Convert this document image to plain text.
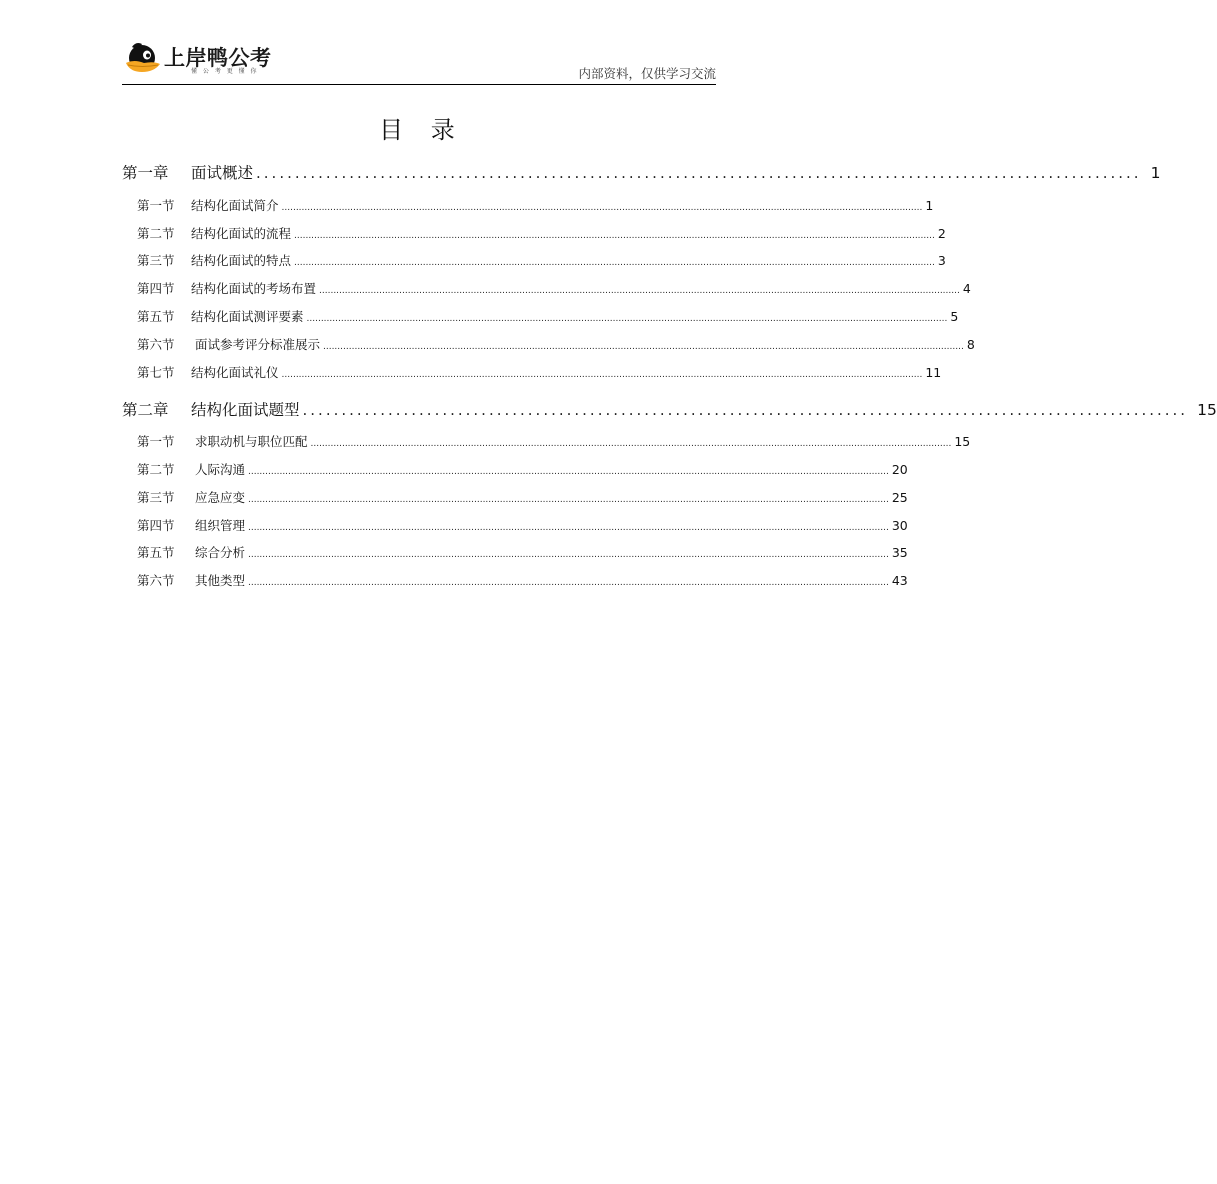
上岸鸭公考
懂 公 考 更 懂 你	内部资料，仅供学习交流
目 录
第一章	面试概述 .................................................................................................................. 1
第一节	结构化面试简介 ................................................................................................................................................................................................................................ 1
第二节	结构化面试的流程 ................................................................................................................................................................................................................................ 2
第三节	结构化面试的特点 ................................................................................................................................................................................................................................ 3
第四节	结构化面试的考场布置 ................................................................................................................................................................................................................................ 4
第五节	结构化面试测评要素 ................................................................................................................................................................................................................................ 5
第六节	面试参考评分标准展示 ................................................................................................................................................................................................................................ 8
第七节	结构化面试礼仪 ................................................................................................................................................................................................................................ 11
第二章	结构化面试题型 .................................................................................................................. 15
第一节	求职动机与职位匹配 ................................................................................................................................................................................................................................ 15
第二节	人际沟通 ................................................................................................................................................................................................................................ 20
第三节	应急应变 ................................................................................................................................................................................................................................ 25
第四节	组织管理 ................................................................................................................................................................................................................................ 30
第五节	综合分析 ................................................................................................................................................................................................................................ 35
第六节	其他类型 ................................................................................................................................................................................................................................ 43
